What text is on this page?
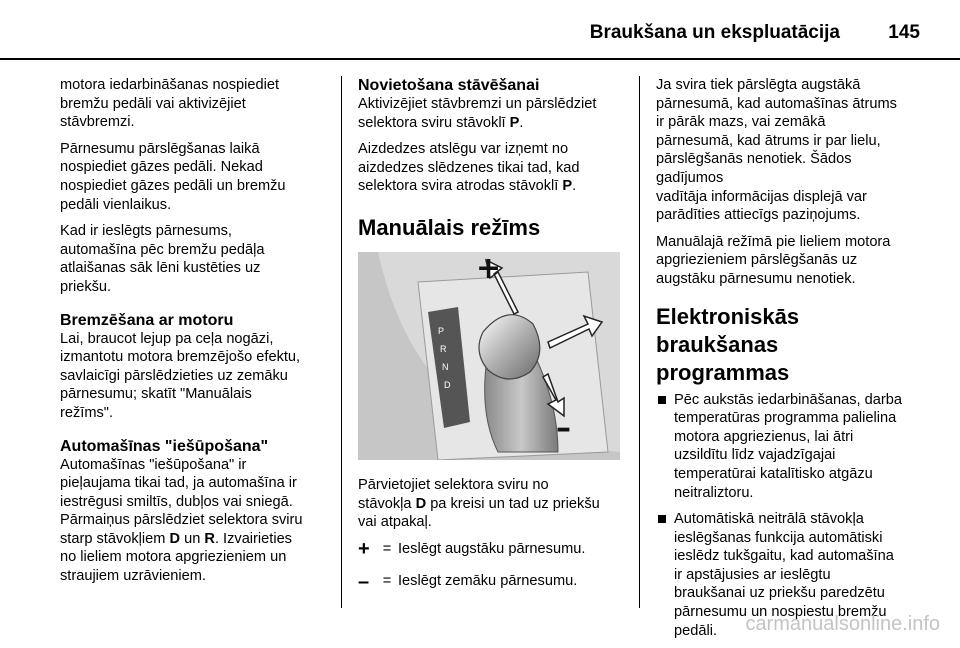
Braukšana un ekspluatācija	145

motora iedarbināšanas nospiediet
bremžu pedāli vai aktivizējiet
stāvbremzi.

Pārnesumu pārslēgšanas laikā
nospiediet gāzes pedāli. Nekad
nospiediet gāzes pedāli un bremžu
pedāli vienlaikus.

Kad ir ieslēgts pārnesums,
automašīna pēc bremžu pedāļa
atlaišanas sāk lēni kustēties uz
priekšu.

Bremzēšana ar motoru

Lai, braucot lejup pa ceļa nogāzi,
izmantotu motora bremzējošo efektu,
savlaicīgi pārslēdzieties uz zemāku
pārnesumu; skatīt "Manuālais
režīms".

Automašīnas "iešūpošana"

Automašīnas "iešūpošana" ir
pieļaujama tikai tad, ja automašīna ir
iestrēgusi smiltīs, dubļos vai sniegā.
Pārmaiņus pārslēdziet selektora sviru
starp stāvokļiem D un R. Izvairieties
no lieliem motora apgriezieniem un
straujiem uzrāvieniem.

Novietošana stāvēšanai

Aktivizējiet stāvbremzi un pārslēdziet
selektora sviru stāvoklī P.

Aizdedzes atslēgu var izņemt no
aizdedzes slēdzenes tikai tad, kad
selektora svira atrodas stāvoklī P.

Manuālais režīms
P
R
N
D
+
–

Pārvietojiet selektora sviru no
stāvokļa D pa kreisi un tad uz priekšu
vai atpakaļ.

+ = Ieslēgt augstāku pārnesumu.
– = Ieslēgt zemāku pārnesumu.

Ja svira tiek pārslēgta augstākā
pārnesumā, kad automašīnas ātrums
ir pārāk mazs, vai zemākā
pārnesumā, kad ātrums ir par lielu,
pārslēgšanās nenotiek. Šādos
gadījumos
vadītāja informācijas displejā var
parādīties attiecīgs paziņojums.

Manuālajā režīmā pie lieliem motora
apgriezieniem pārslēgšanās uz
augstāku pārnesumu nenotiek.

Elektroniskās braukšanas
programmas
Pēc aukstās iedarbināšanas, darba
temperatūras programma palielina
motora apgriezienus, lai ātri
uzsildītu līdz vajadzīgajai
temperatūrai katalītisko atgāzu
neitraliztoru.
Automātiskā neitrālā stāvokļa
ieslēgšanas funkcija automātiski
ieslēdz tukšgaitu, kad automašīna
ir apstājusies ar ieslēgtu
braukšanai uz priekšu paredzētu
pārnesumu un nospiestu bremžu
pedāli.	carmanualsonline.info
